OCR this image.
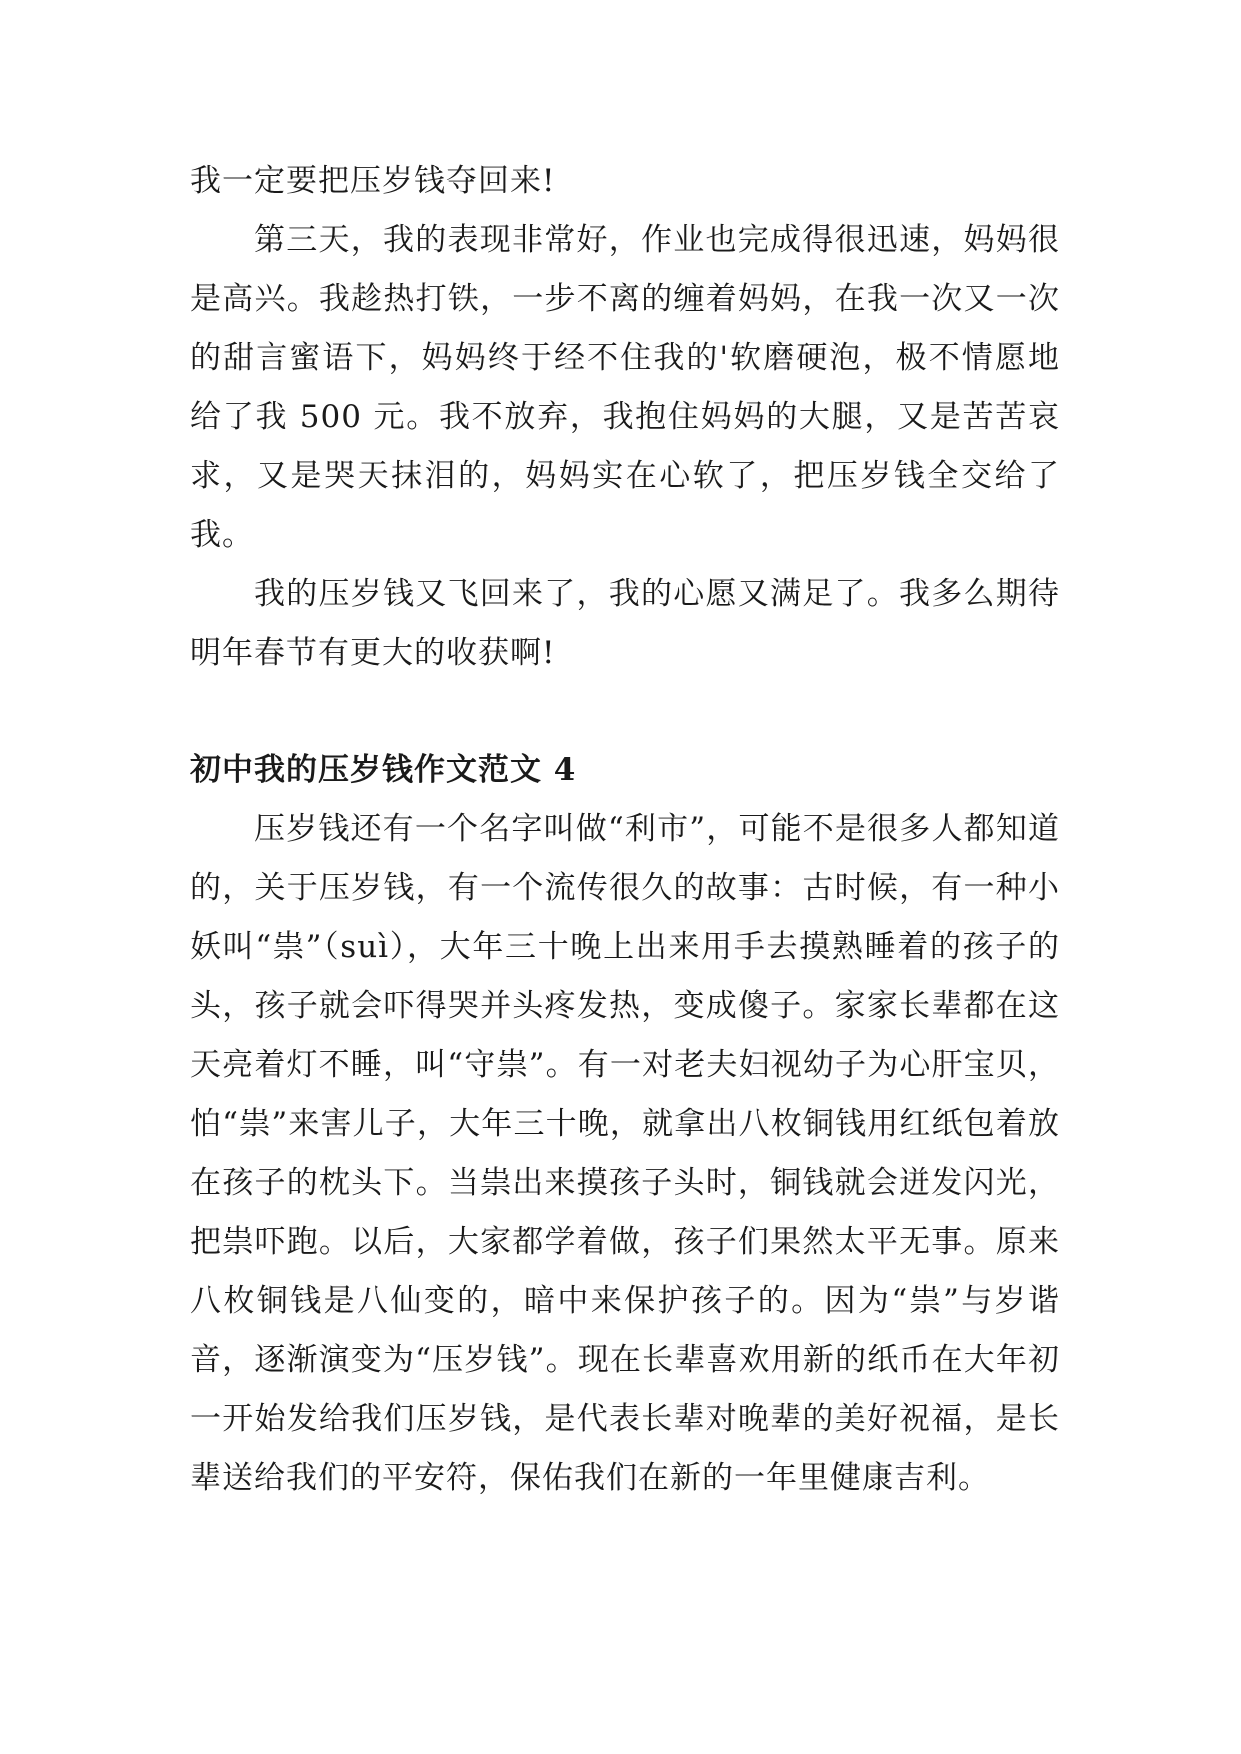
我一定要把压岁钱夺回来!

第三天，我的表现非常好，作业也完成得很迅速，妈妈很是高兴。我趁热打铁，一步不离的缠着妈妈，在我一次又一次的甜言蜜语下，妈妈终于经不住我的'软磨硬泡，极不情愿地给了我 500 元。我不放弃，我抱住妈妈的大腿，又是苦苦哀求，又是哭天抹泪的，妈妈实在心软了，把压岁钱全交给了我。

我的压岁钱又飞回来了，我的心愿又满足了。我多么期待明年春节有更大的收获啊!

初中我的压岁钱作文范文 4

压岁钱还有一个名字叫做“利市”，可能不是很多人都知道的，关于压岁钱，有一个流传很久的故事：古时候，有一种小妖叫“祟”（suì），大年三十晚上出来用手去摸熟睡着的孩子的头，孩子就会吓得哭并头疼发热，变成傻子。家家长辈都在这天亮着灯不睡，叫“守祟”。有一对老夫妇视幼子为心肝宝贝，怕“祟”来害儿子，大年三十晚，就拿出八枚铜钱用红纸包着放在孩子的枕头下。当祟出来摸孩子头时，铜钱就会迸发闪光，把祟吓跑。以后，大家都学着做，孩子们果然太平无事。原来八枚铜钱是八仙变的，暗中来保护孩子的。因为“祟”与岁谐音，逐渐演变为“压岁钱”。现在长辈喜欢用新的纸币在大年初一开始发给我们压岁钱，是代表长辈对晚辈的美好祝福，是长辈送给我们的平安符，保佑我们在新的一年里健康吉利。
